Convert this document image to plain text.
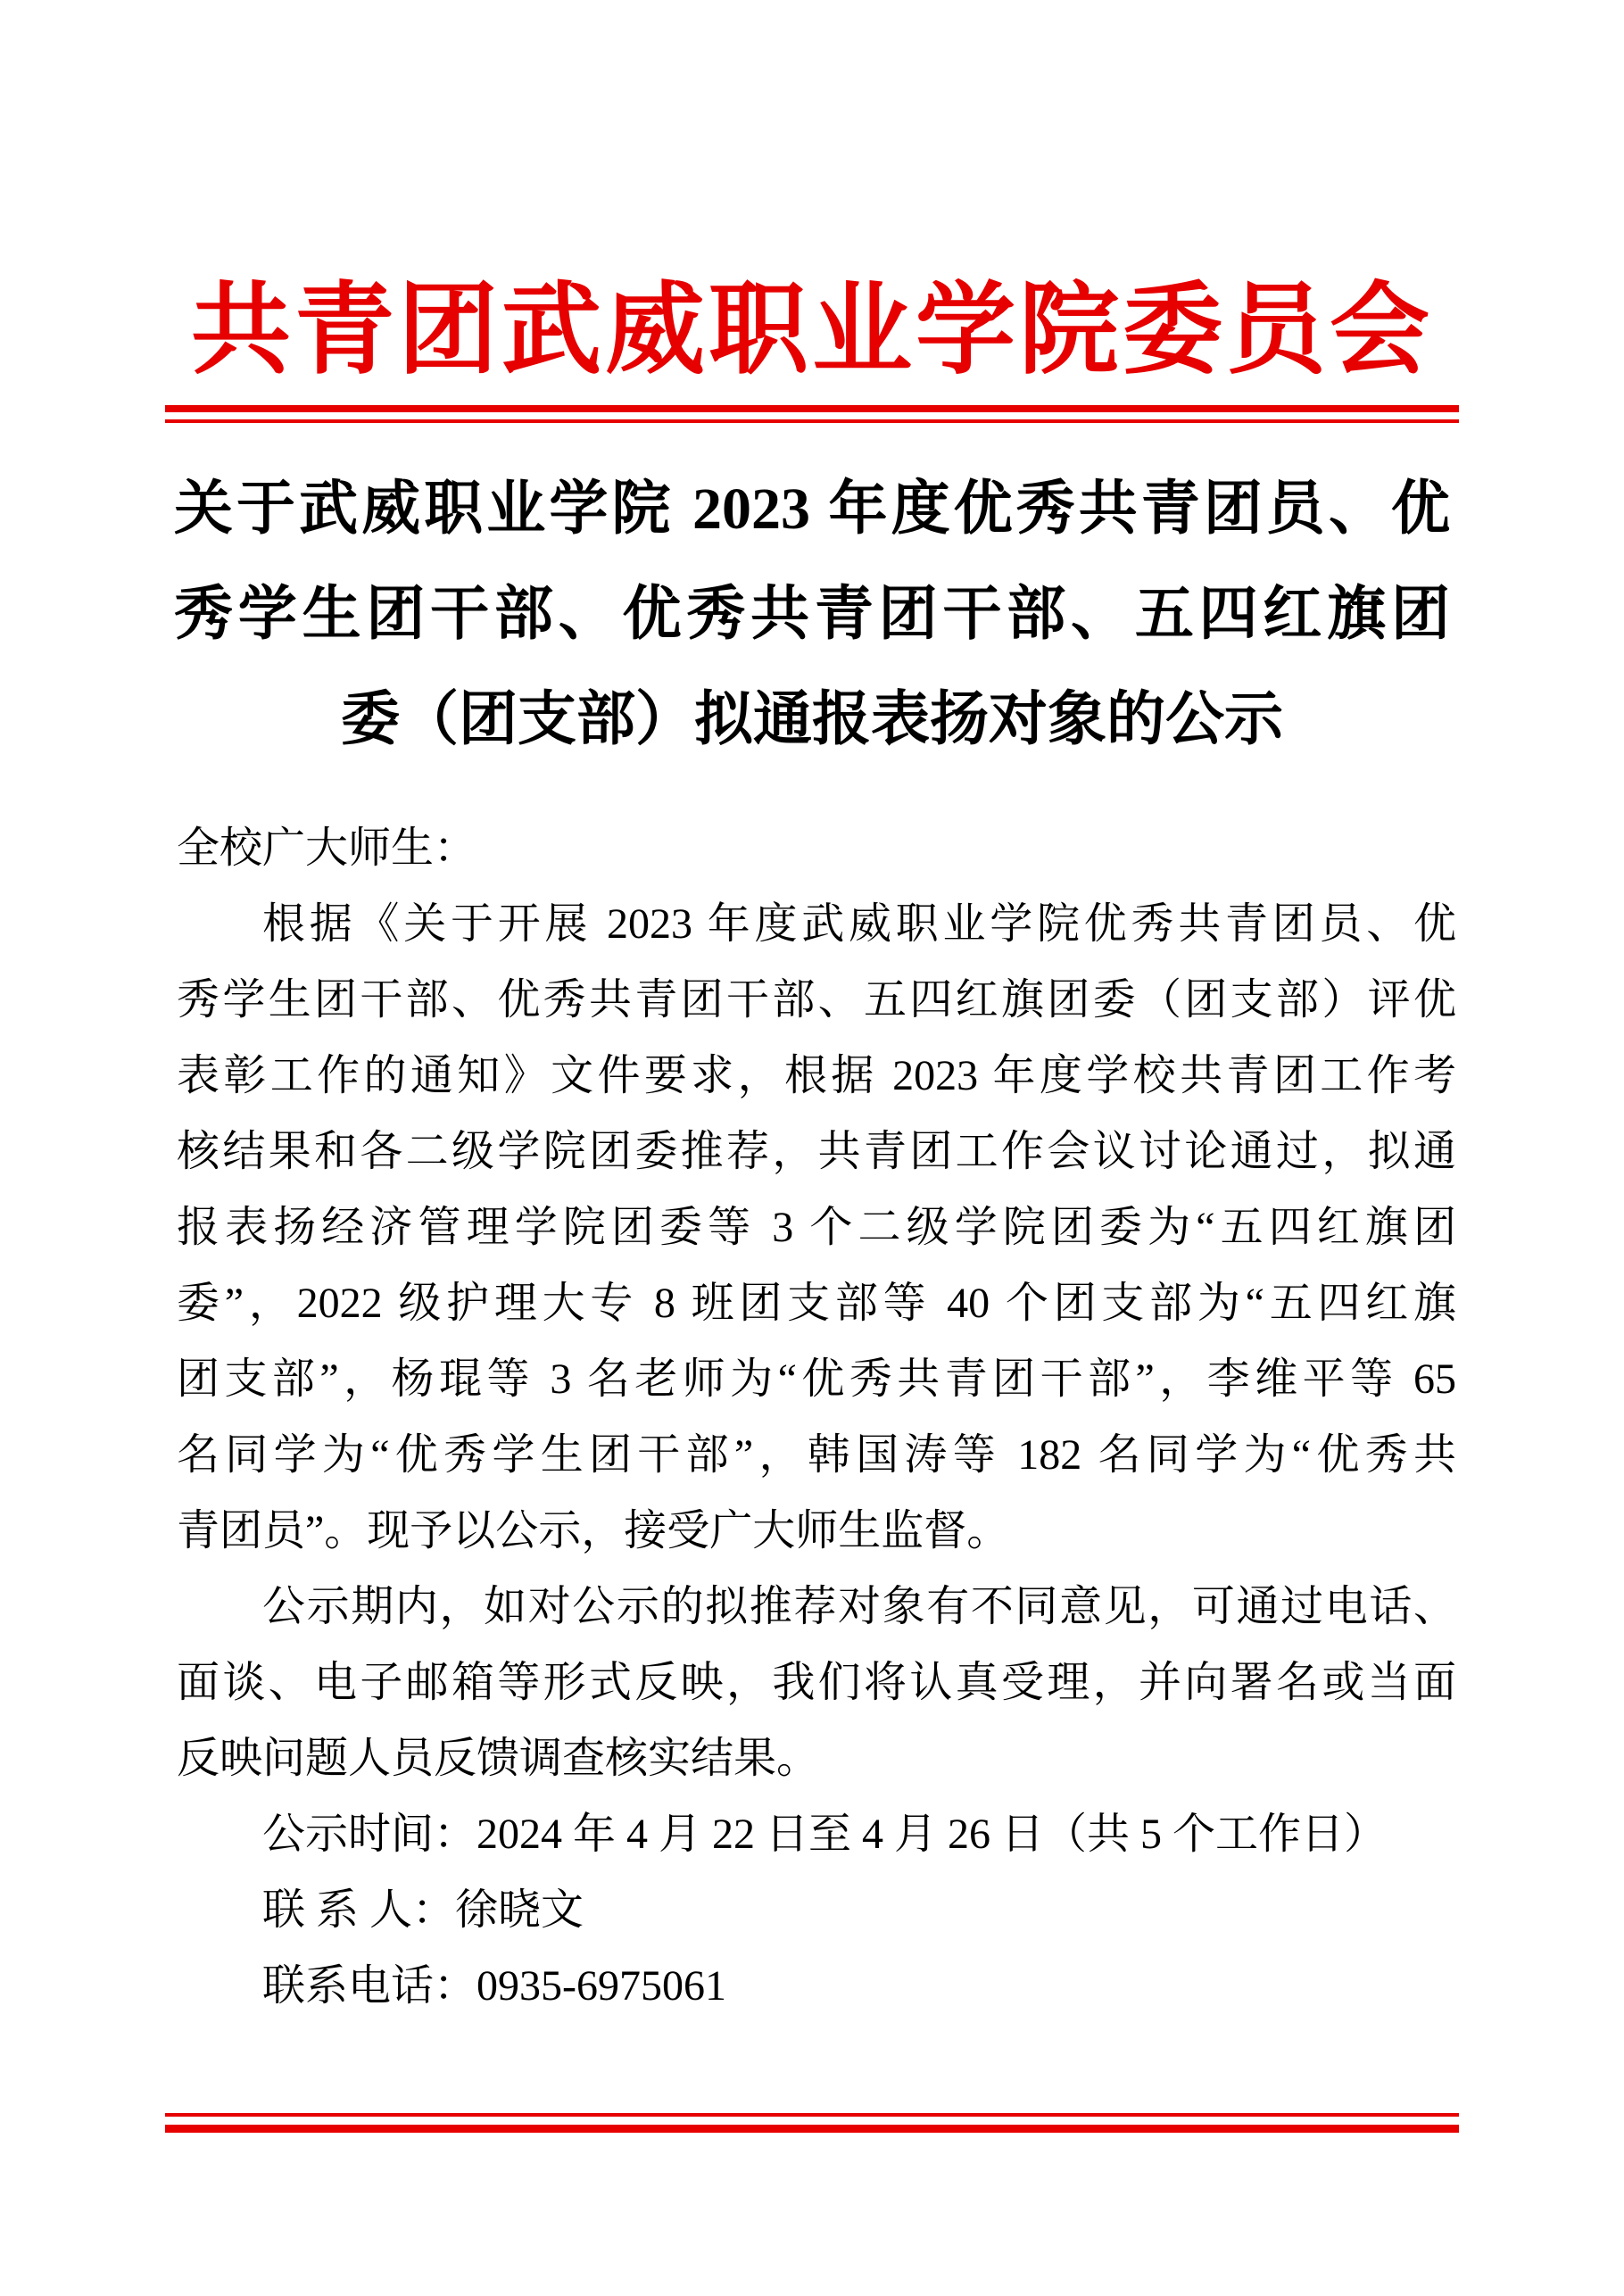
共青团武威职业学院委员会
关于武威职业学院 2023 年度优秀共青团员、优
秀学生团干部、优秀共青团干部、五四红旗团
委（团支部）拟通报表扬对象的公示
全校广大师生：
根据《关于开展 2023 年度武威职业学院优秀共青团员、优
秀学生团干部、优秀共青团干部、五四红旗团委（团支部）评优
表彰工作的通知》文件要求，根据 2023 年度学校共青团工作考
核结果和各二级学院团委推荐，共青团工作会议讨论通过，拟通
报表扬经济管理学院团委等 3 个二级学院团委为“五四红旗团
委”，2022 级护理大专 8 班团支部等 40 个团支部为“五四红旗
团支部”，杨琨等 3 名老师为“优秀共青团干部”，李维平等 65
名同学为“优秀学生团干部”，韩国涛等 182 名同学为“优秀共
青团员”。现予以公示，接受广大师生监督。
公示期内，如对公示的拟推荐对象有不同意见，可通过电话、
面谈、电子邮箱等形式反映，我们将认真受理，并向署名或当面
反映问题人员反馈调查核实结果。
公示时间：2024 年 4 月 22 日至 4 月 26 日（共 5 个工作日）
联 系 人：徐晓文
联系电话：0935-6975061
